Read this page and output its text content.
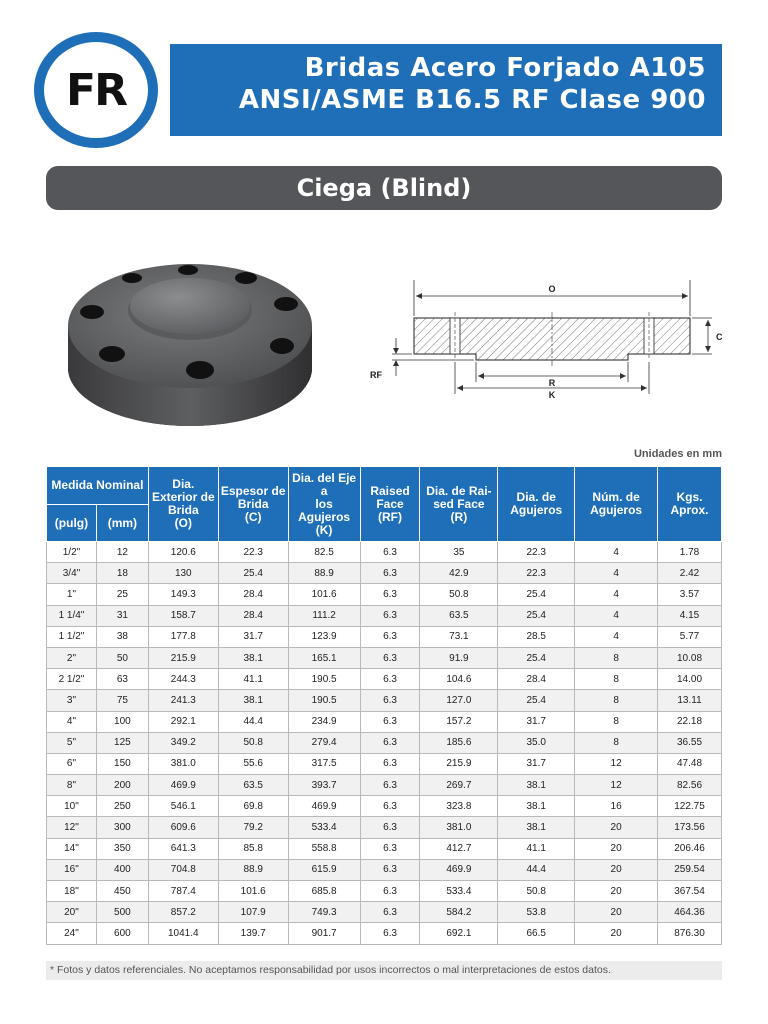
Bridas Acero Forjado A105
ANSI/ASME B16.5 RF Clase 900
FR
Ciega (Blind)
O
C
RF
R
K
Unidades en mm
Medida Nominal		Dia.
Exterior de
Brida
(O)	Espesor de
Brida
(C)	Dia. del Eje a
los Agujeros
(K)	Raised
Face
(RF)	Dia. de Rai-
sed Face
(R)	Dia. de
Agujeros	Núm. de
Agujeros	Kgs.
Aprox.
(pulg)	(mm)								
1/2"	12	120.6	22.3	82.5	6.3	35	22.3	4	1.78
3/4"	18	130	25.4	88.9	6.3	42.9	22.3	4	2.42
1"	25	149.3	28.4	101.6	6.3	50.8	25.4	4	3.57
1 1/4"	31	158.7	28.4	111.2	6.3	63.5	25.4	4	4.15
1 1/2"	38	177.8	31.7	123.9	6.3	73.1	28.5	4	5.77
2"	50	215.9	38.1	165.1	6.3	91.9	25.4	8	10.08
2 1/2"	63	244.3	41.1	190.5	6.3	104.6	28.4	8	14.00
3"	75	241.3	38.1	190.5	6.3	127.0	25.4	8	13.11
4"	100	292.1	44.4	234.9	6.3	157.2	31.7	8	22.18
5"	125	349.2	50.8	279.4	6.3	185.6	35.0	8	36.55
6"	150	381.0	55.6	317.5	6.3	215.9	31.7	12	47.48
8"	200	469.9	63.5	393.7	6.3	269.7	38.1	12	82.56
10"	250	546.1	69.8	469.9	6.3	323.8	38.1	16	122.75
12"	300	609.6	79.2	533.4	6.3	381.0	38.1	20	173.56
14"	350	641.3	85.8	558.8	6.3	412.7	41.1	20	206.46
16"	400	704.8	88.9	615.9	6.3	469.9	44.4	20	259.54
18"	450	787.4	101.6	685.8	6.3	533.4	50.8	20	367.54
20"	500	857.2	107.9	749.3	6.3	584.2	53.8	20	464.36
24"	600	1041.4	139.7	901.7	6.3	692.1	66.5	20	876.30
* Fotos y datos referenciales. No aceptamos responsabilidad por usos incorrectos o mal interpretaciones de estos datos.
